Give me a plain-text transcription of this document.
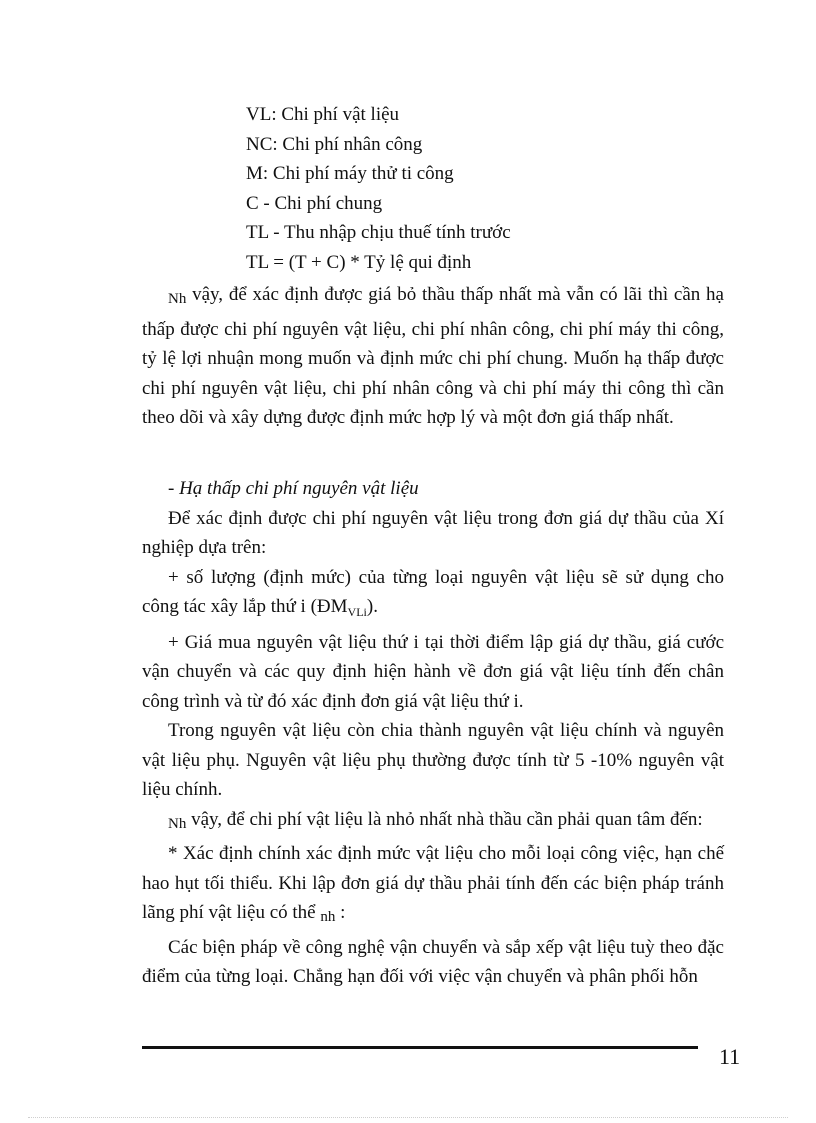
VL: Chi phí vật liệu
NC: Chi phí nhân công
M: Chi phí máy thử ti công
C - Chi phí chung
TL - Thu nhập chịu thuế tính trước
TL = (T + C) * Tỷ lệ qui định

Nh vậy, để xác định được giá bỏ thầu thấp nhất mà vẫn có lãi thì cần hạ thấp được chi phí nguyên vật liệu, chi phí nhân công, chi phí máy thi công, tỷ lệ lợi nhuận mong muốn và định mức chi phí chung. Muốn hạ thấp được chi phí nguyên vật liệu, chi phí nhân công và chi phí máy thi công thì cần theo dõi và xây dựng được định mức hợp lý và một đơn giá thấp nhất.

- Hạ thấp chi phí nguyên vật liệu

Để xác định được chi phí nguyên vật liệu trong đơn giá dự thầu của Xí nghiệp dựa trên:

+ số lượng (định mức) của từng loại nguyên vật liệu sẽ sử dụng cho công tác xây lắp thứ i $(ĐM_{VLi})$.

+ Giá mua nguyên vật liệu thứ i tại thời điểm lập giá dự thầu, giá cước vận chuyển và các quy định hiện hành về đơn giá vật liệu tính đến chân công trình và từ đó xác định đơn giá vật liệu thứ i.

Trong nguyên vật liệu còn chia thành nguyên vật liệu chính và nguyên vật liệu phụ. Nguyên vật liệu phụ thường được tính từ 5 -10% nguyên vật liệu chính.

Nh vậy, để chi phí vật liệu là nhỏ nhất nhà thầu cần phải quan tâm đến:

* Xác định chính xác định mức vật liệu cho mỗi loại công việc, hạn chế hao hụt tối thiểu. Khi lập đơn giá dự thầu phải tính đến các biện pháp tránh lãng phí vật liệu có thể nh :

Các biện pháp về công nghệ vận chuyển và sắp xếp vật liệu tuỳ theo đặc điểm của từng loại. Chẳng hạn đối với việc vận chuyển và phân phối hỗn

11
